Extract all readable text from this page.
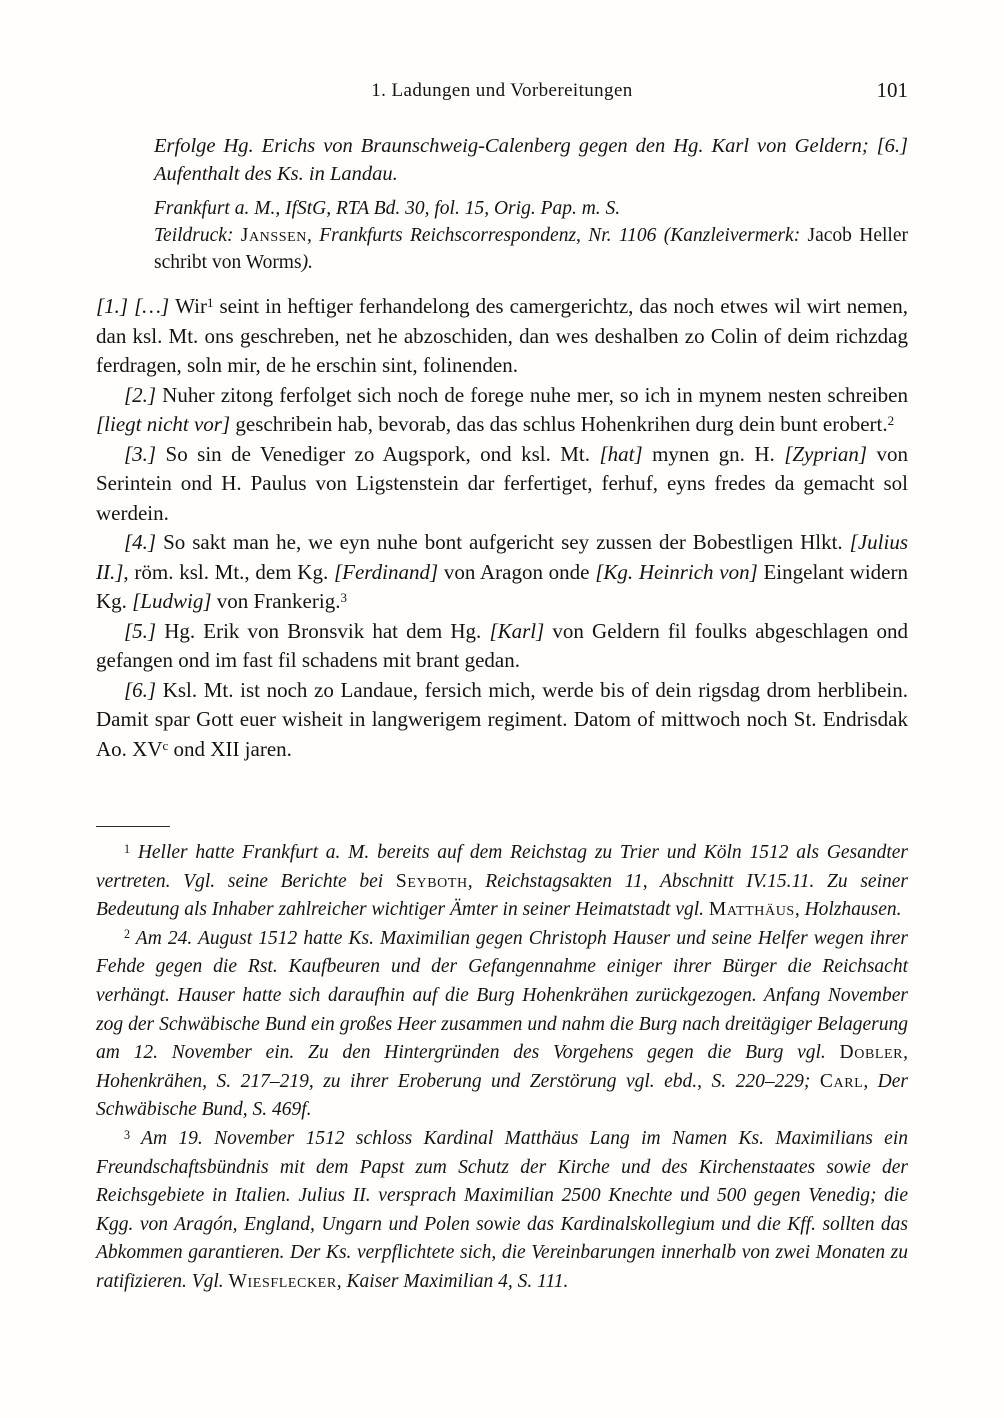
1. Ladungen und Vorbereitungen	101
Erfolge Hg. Erichs von Braunschweig-Calenberg gegen den Hg. Karl von Geldern; [6.] Aufenthalt des Ks. in Landau.
Frankfurt a. M., IfStG, RTA Bd. 30, fol. 15, Orig. Pap. m. S.
Teildruck: Janssen, Frankfurts Reichscorrespondenz, Nr. 1106 (Kanzleivermerk: Jacob Heller schribt von Worms).

[1.] […] Wir$^1$ seint in heftiger ferhandelong des camergerichtz, das noch etwes wil wirt nemen, dan ksl. Mt. ons geschreben, net he abzoschiden, dan wes deshalben zo Colin of deim richzdag ferdragen, soln mir, de he erschin sint, folinenden.

[2.] Nuher zitong ferfolget sich noch de forege nuhe mer, so ich in mynem nesten schreiben [liegt nicht vor] geschribein hab, bevorab, das das schlus Hohenkrihen durg dein bunt erobert.$^2$

[3.] So sin de Venediger zo Augspork, ond ksl. Mt. [hat] mynen gn. H. [Zyprian] von Serintein ond H. Paulus von Ligstenstein dar ferfertiget, ferhuf, eyns fredes da gemacht sol werdein.

[4.] So sakt man he, we eyn nuhe bont aufgericht sey zussen der Bobestligen Hlkt. [Julius II.], röm. ksl. Mt., dem Kg. [Ferdinand] von Aragon onde [Kg. Heinrich von] Eingelant widern Kg. [Ludwig] von Frankerig.$^3$

[5.] Hg. Erik von Bronsvik hat dem Hg. [Karl] von Geldern fil foulks abgeschlagen ond gefangen ond im fast fil schadens mit brant gedan.

[6.] Ksl. Mt. ist noch zo Landaue, fersich mich, werde bis of dein rigsdag drom herblibein. Damit spar Gott euer wisheit in langwerigem regiment. Datom of mittwoch noch St. Endrisdak Ao. $XV^c$ ond XII jaren.

$^1$ Heller hatte Frankfurt a. M. bereits auf dem Reichstag zu Trier und Köln 1512 als Gesandter vertreten. Vgl. seine Berichte bei Seyboth, Reichstagsakten 11, Abschnitt IV.15.11. Zu seiner Bedeutung als Inhaber zahlreicher wichtiger Ämter in seiner Heimatstadt vgl. Matthäus, Holzhausen.

$^2$ Am 24. August 1512 hatte Ks. Maximilian gegen Christoph Hauser und seine Helfer wegen ihrer Fehde gegen die Rst. Kaufbeuren und der Gefangennahme einiger ihrer Bürger die Reichsacht verhängt. Hauser hatte sich daraufhin auf die Burg Hohenkrähen zurückgezogen. Anfang November zog der Schwäbische Bund ein großes Heer zusammen und nahm die Burg nach dreitägiger Belagerung am 12. November ein. Zu den Hintergründen des Vorgehens gegen die Burg vgl. Dobler, Hohenkrähen, S. 217–219, zu ihrer Eroberung und Zerstörung vgl. ebd., S. 220–229; Carl, Der Schwäbische Bund, S. 469f.

$^3$ Am 19. November 1512 schloss Kardinal Matthäus Lang im Namen Ks. Maximilians ein Freundschaftsbündnis mit dem Papst zum Schutz der Kirche und des Kirchenstaates sowie der Reichsgebiete in Italien. Julius II. versprach Maximilian 2500 Knechte und 500 gegen Venedig; die Kgg. von Aragón, England, Ungarn und Polen sowie das Kardinalskollegium und die Kff. sollten das Abkommen garantieren. Der Ks. verpflichtete sich, die Vereinbarungen innerhalb von zwei Monaten zu ratifizieren. Vgl. Wiesflecker, Kaiser Maximilian 4, S. 111.
